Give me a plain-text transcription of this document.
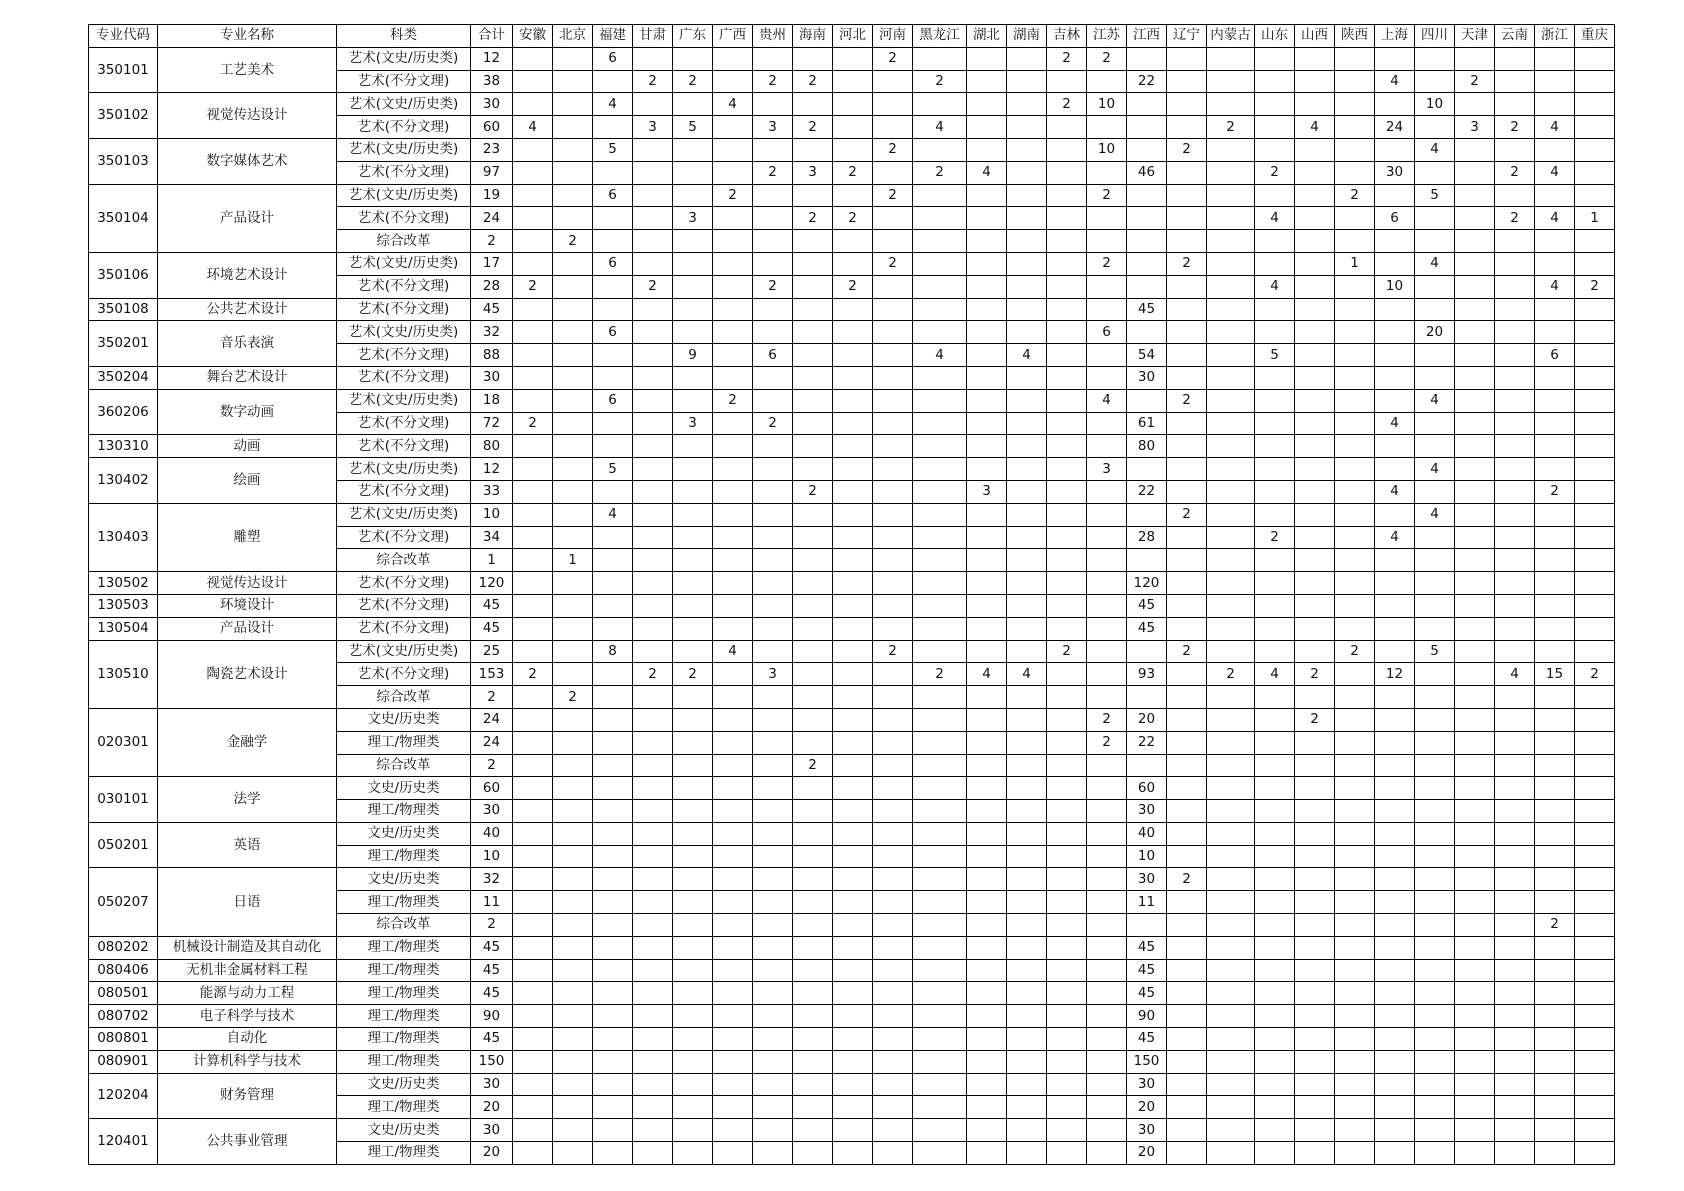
专业代码	专业名称	科类	合计	安徽	北京	福建	甘肃	广东	广西	贵州	海南	河北	河南	黑龙江	湖北	湖南	吉林	江苏	江西	辽宁	内蒙古	山东	山西	陕西	上海	四川	天津	云南	浙江	重庆
350101	工艺美术	艺术(文史/历史类)	12			6							2				2	2												
		艺术(不分文理)	38				2	2		2	2			2					22						4		2			
350102	视觉传达设计	艺术(文史/历史类)	30			4			4								2	10								10				
		艺术(不分文理)	60	4			3	5		3	2			4							2		4		24		3	2	4	
350103	数字媒体艺术	艺术(文史/历史类)	23			5							2					10		2						4				
		艺术(不分文理)	97							2	3	2		2	4				46			2			30			2	4	
350104	产品设计	艺术(文史/历史类)	19			6			2				2					2						2		5				
		艺术(不分文理)	24					3			2	2										4			6			2	4	1
		综合改革	2		2																									
350106	环境艺术设计	艺术(文史/历史类)	17			6							2					2		2				1		4				
		艺术(不分文理)	28	2			2			2		2										4			10				4	2
350108	公共艺术设计	艺术(不分文理)	45																45											
350201	音乐表演	艺术(文史/历史类)	32			6												6								20				
		艺术(不分文理)	88					9		6				4		4			54			5							6	
350204	舞台艺术设计	艺术(不分文理)	30																30											
360206	数字动画	艺术(文史/历史类)	18			6			2									4		2						4				
		艺术(不分文理)	72	2				3		2									61						4					
130310	动画	艺术(不分文理)	80																80											
130402	绘画	艺术(文史/历史类)	12			5												3								4				
		艺术(不分文理)	33								2				3				22						4				2	
130403	雕塑	艺术(文史/历史类)	10			4														2						4				
		艺术(不分文理)	34																28			2			4					
		综合改革	1		1																									
130502	视觉传达设计	艺术(不分文理)	120																120											
130503	环境设计	艺术(不分文理)	45																45											
130504	产品设计	艺术(不分文理)	45																45											
130510	陶瓷艺术设计	艺术(文史/历史类)	25			8			4				2				2			2				2		5				
		艺术(不分文理)	153	2			2	2		3				2	4	4			93		2	4	2		12			4	15	2
		综合改革	2		2																									
020301	金融学	文史/历史类	24															2	20				2							
		理工/物理类	24															2	22											
		综合改革	2								2																			
030101	法学	文史/历史类	60																60											
		理工/物理类	30																30											
050201	英语	文史/历史类	40																40											
		理工/物理类	10																10											
050207	日语	文史/历史类	32																30	2										
		理工/物理类	11																11											
		综合改革	2																										2	
080202	机械设计制造及其自动化	理工/物理类	45																45											
080406	无机非金属材料工程	理工/物理类	45																45											
080501	能源与动力工程	理工/物理类	45																45											
080702	电子科学与技术	理工/物理类	90																90											
080801	自动化	理工/物理类	45																45											
080901	计算机科学与技术	理工/物理类	150																150											
120204	财务管理	文史/历史类	30																30											
		理工/物理类	20																20											
120401	公共事业管理	文史/历史类	30																30											
		理工/物理类	20																20											
